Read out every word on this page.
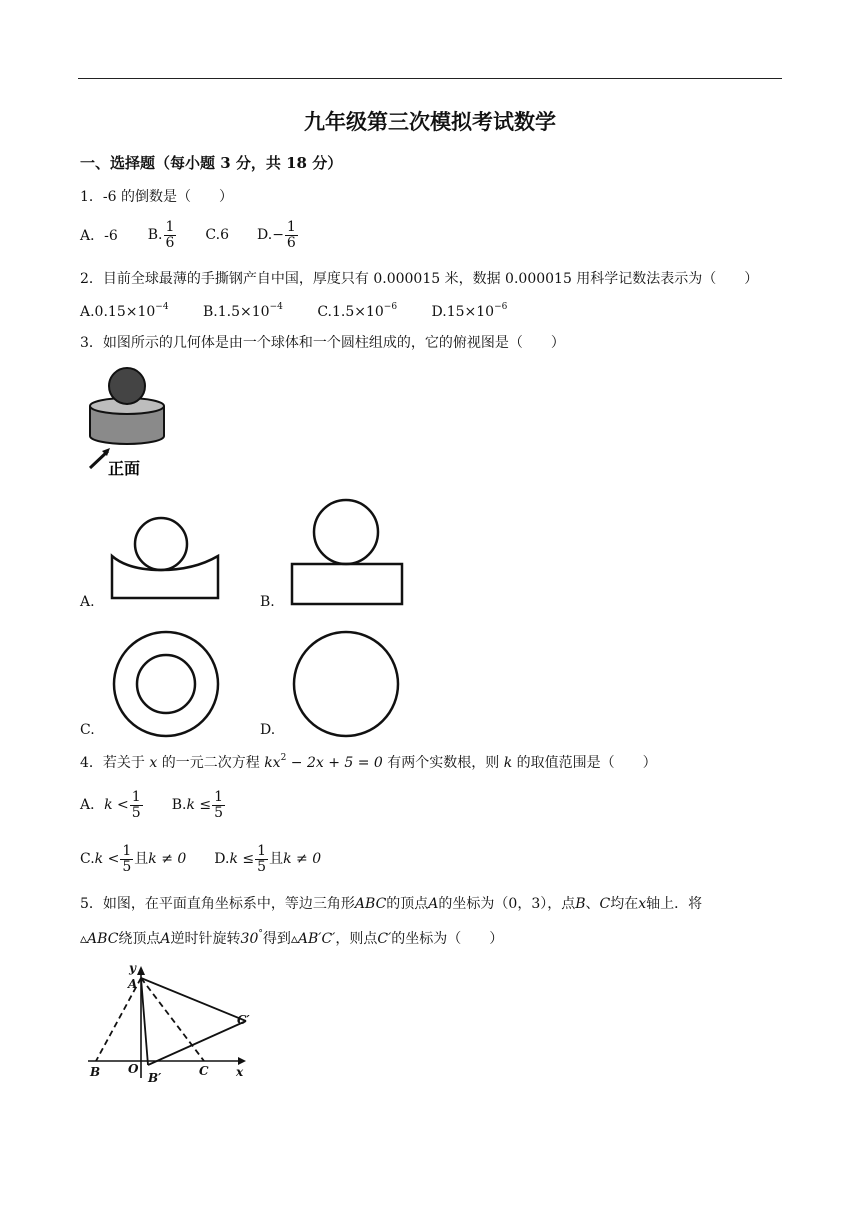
九年级第三次模拟考试数学
一、选择题（每小题 3 分，共 18 分）
1．-6 的倒数是（　　）
A．-6 B. $\frac{1}{6} C.6$ $D.- \frac{1}{6}$
2．目前全球最薄的手撕钢产自中国，厚度只有 0.000015 米，数据 0.000015 用科学记数法表示为（　　）
$A.0.15\times 10^{-4}$ $B.1.5\times 10^{-4}$ $C.1.5\times 10^{-6}$ $D.15\times 10^{-6}$
3．如图所示的几何体是由一个球体和一个圆柱组成的，它的俯视图是（　　）
正面
A.	B.
C.	D.
4．若关于 x 的一元二次方程 $kx^2 - 2x + 5 = 0$ 有两个实数根，则 k 的取值范围是（　　）
A．$k < \frac{1}{5} B.k \le \frac{1}{5}$
$C.k < \frac{1}{5}$ 且k ≠ 0 $D.k \le \frac{1}{5}$ 且k ≠ 0
5．如图，在平面直角坐标系中，等边三角形ABC的顶点A的坐标为（0，3），点B、C均在x轴上．将
▵ABC绕顶点A逆时针旋转30°得到▵AB′C′，则点C′的坐标为（　　）
y
A
B O
B′	C
C′
x
